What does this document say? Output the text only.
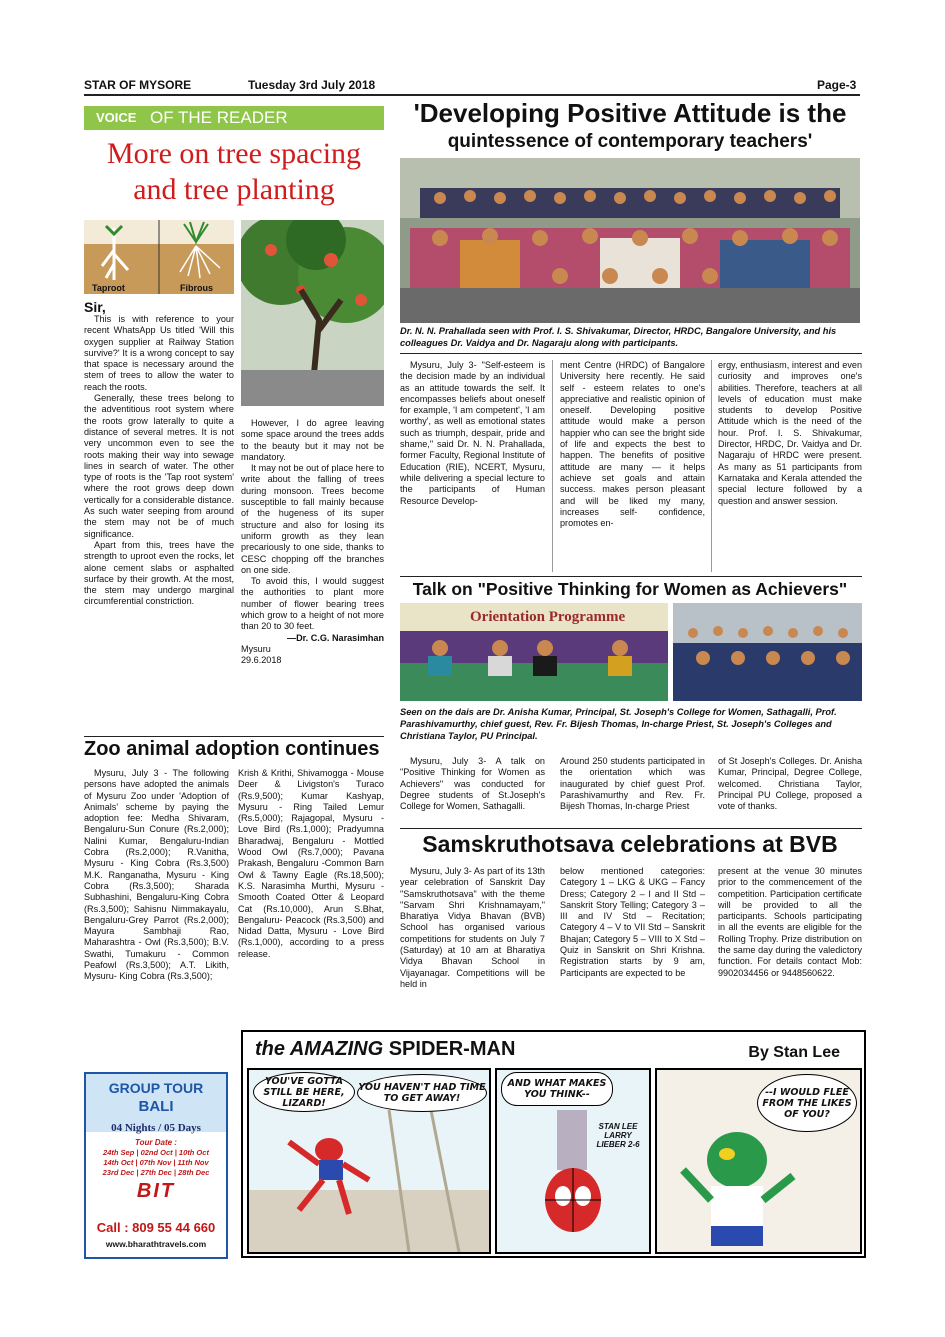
STAR OF MYSORE	Tuesday 3rd July 2018	Page-3
VOICE OF THE READER
More on tree spacing and tree planting
Taproot	Fibrous

Sir,

This is with reference to your recent WhatsApp Us titled 'Will this oxygen supplier at Railway Station survive?' It is a wrong concept to say that space is necessary around the stem of trees to allow the water to reach the roots.

Generally, these trees belong to the adventitious root system where the roots grow laterally to quite a distance of several metres. It is not very uncommon even to see the roots making their way into sewage lines in search of water. The other type of roots is the 'Tap root system' where the root grows deep down vertically for a considerable distance. As such water seeping from around the stem may not be of much significance.

Apart from this, trees have the strength to uproot even the rocks, let alone cement slabs or asphalted surface by their growth. At the most, the stem may undergo marginal circumferential constriction.

However, I do agree leaving some space around the trees adds to the beauty but it may not be mandatory.

It may not be out of place here to write about the falling of trees during monsoon. Trees become susceptible to fall mainly because of the hugeness of its super structure and also for losing its uniform growth as they lean precariously to one side, thanks to CESC chopping off the branches on one side.

To avoid this, I would suggest the authorities to plant more number of flower bearing trees which grow to a height of not more than 20 to 30 feet.

—Dr. C.G. Narasimhan

Mysuru

29.6.2018

'Developing Positive Attitude is the
quintessence of contemporary teachers'
Dr. N. N. Prahallada seen with Prof. I. S. Shivakumar, Director, HRDC, Bangalore University, and his colleagues Dr. Vaidya and Dr. Nagaraju along with participants.

Mysuru, July 3- "Self-esteem is the decision made by an individual as an attitude towards the self. It encompasses beliefs about oneself for example, 'I am competent', 'I am worthy', as well as emotional states such as triumph, despair, pride and shame," said Dr. N. N. Prahallada, former Faculty, Regional Institute of Education (RIE), NCERT, Mysuru, while delivering a special lecture to the participants of Human Resource Develop-

ment Centre (HRDC) of Bangalore University here recently. He said self - esteem relates to one's appreciative and realistic opinion of oneself. Developing positive attitude would make a person happier who can see the bright side of life and expects the best to happen. The benefits of positive attitude are many — it helps achieve set goals and attain success. makes person pleasant and will be liked my many, increases self- confidence, promotes en-

ergy, enthusiasm, interest and even curiosity and improves one's abilities. Therefore, teachers at all levels of education must make students to develop Positive Attitude which is the need of the hour. Prof. I. S. Shivakumar, Director, HRDC, Dr. Vaidya and Dr. Nagaraju of HRDC were present. As many as 51 participants from Karnataka and Kerala attended the special lecture followed by a question and answer session.

Talk on "Positive Thinking for Women as Achievers"
Orientation Programme
Seen on the dais are Dr. Anisha Kumar, Principal, St. Joseph's College for Women, Sathagalli, Prof. Parashivamurthy, chief guest, Rev. Fr. Bijesh Thomas, In-charge Priest, St. Joseph's Colleges and Christiana Taylor, PU Principal.

Mysuru, July 3- A talk on "Positive Thinking for Women as Achievers" was conducted for Degree students of St.Joseph's College for Women, Sathagalli.

Around 250 students participated in the orientation which was inaugurated by chief guest Prof. Parashivamurthy and Rev. Fr. Bijesh Thomas, In-charge Priest

of St Joseph's Colleges. Dr. Anisha Kumar, Principal, Degree College, welcomed. Christiana Taylor, Principal PU College, proposed a vote of thanks.

Zoo animal adoption continues

Mysuru, July 3 - The following persons have adopted the animals of Mysuru Zoo under 'Adoption of Animals' scheme by paying the adoption fee: Medha Shivaram, Bengaluru-Sun Conure (Rs.2,000); Nalini Kumar, Bengaluru-Indian Cobra (Rs.2,000); R.Vanitha, Mysuru - King Cobra (Rs.3,500) M.K. Ranganatha, Mysuru - King Cobra (Rs.3,500); Sharada Subhashini, Bengaluru-King Cobra (Rs.3,500); Sahisnu Nimmakayalu, Bengaluru-Grey Parrot (Rs.2,000); Mayura Sambhaji Rao, Maharashtra - Owl (Rs.3,500); B.V. Swathi, Tumakuru - Common Peafowl (Rs.3,500); A.T. Likith, Mysuru- King Cobra (Rs.3,500);

Krish & Krithi, Shivamogga - Mouse Deer & Livigston's Turaco (Rs.9,500); Kumar Kashyap, Mysuru - Ring Tailed Lemur (Rs.5,000); Rajagopal, Mysuru - Love Bird (Rs.1,000); Pradyumna Bharadwaj, Bengaluru - Mottled Wood Owl (Rs.7,000); Pavana Prakash, Bengaluru -Common Barn Owl & Tawny Eagle (Rs.18,500); K.S. Narasimha Murthi, Mysuru - Smooth Coated Otter & Leopard Cat (Rs.10,000), Arun S.Bhat, Bengaluru- Peacock (Rs.3,500) and Nidad Datta, Mysuru - Love Bird (Rs.1,000), according to a press release.

Samskruthotsava celebrations at BVB

Mysuru, July 3- As part of its 13th year celebration of Sanskrit Day "Samskruthotsava" with the theme "Sarvam Shri Krishnamayam," Bharatiya Vidya Bhavan (BVB) School has organised various competitions for students on July 7 (Saturday) at 10 am at Bharatiya Vidya Bhavan School in Vijayanagar. Competitions will be held in

below mentioned categories: Category 1 – LKG & UKG – Fancy Dress; Category 2 – I and II Std – Sanskrit Story Telling; Category 3 – III and IV Std – Recitation; Category 4 – V to VII Std – Sanskrit Bhajan; Category 5 – VIII to X Std – Quiz in Sanskrit on Shri Krishna. Registration starts by 9 am, Participants are expected to be

present at the venue 30 minutes prior to the commencement of the competition. Participation certificate will be provided to all the participants. Schools participating in all the events are eligible for the Rolling Trophy. Prize distribution on the same day during the valedictory function. For details contact Mob: 9902034456 or 9448560622.

GROUP TOUR
BALI
04 Nights / 05 Days
Tour Date :
24th Sep | 02nd Oct | 10th Oct
14th Oct | 07th Nov | 11th Nov
23rd Dec | 27th Dec | 28th Dec
BIT
Call : 809 55 44 660
www.bharathtravels.com
the AMAZING SPIDER-MAN	By Stan Lee
YOU'VE GOTTA STILL BE HERE, LIZARD!
YOU HAVEN'T HAD TIME TO GET AWAY!
AND WHAT MAKES YOU THINK--
STAN LEE LARRY LIEBER 2-6
--I WOULD FLEE FROM THE LIKES OF YOU?
